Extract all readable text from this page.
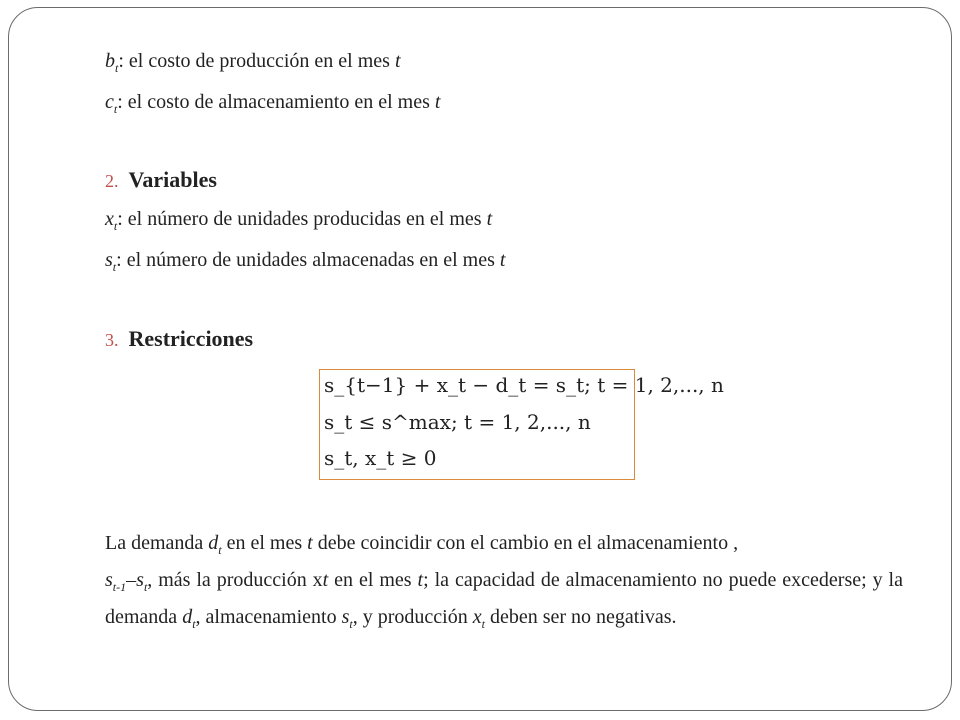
$b_t$: el costo de producción en el mes t
$c_t$: el costo de almacenamiento en el mes t
2. Variables
$x_t$: el número de unidades producidas en el mes t
$s_t$: el número de unidades almacenadas en el mes t
3. Restricciones
s_{t−1} + x_t − d_t = s_t; t = 1, 2,..., n
s_t ≤ s^max; t = 1, 2,..., n
s_t, x_t ≥ 0
La demanda $d_t$ en el mes t debe coincidir con el cambio en el almacenamiento ,
$s_{t-1}-s_t$, más la producción xt en el mes t; la capacidad de almacenamiento no puede excederse; y la demanda $d_t$, almacenamiento $s_t$, y producción $x_t$ deben ser no negativas.
